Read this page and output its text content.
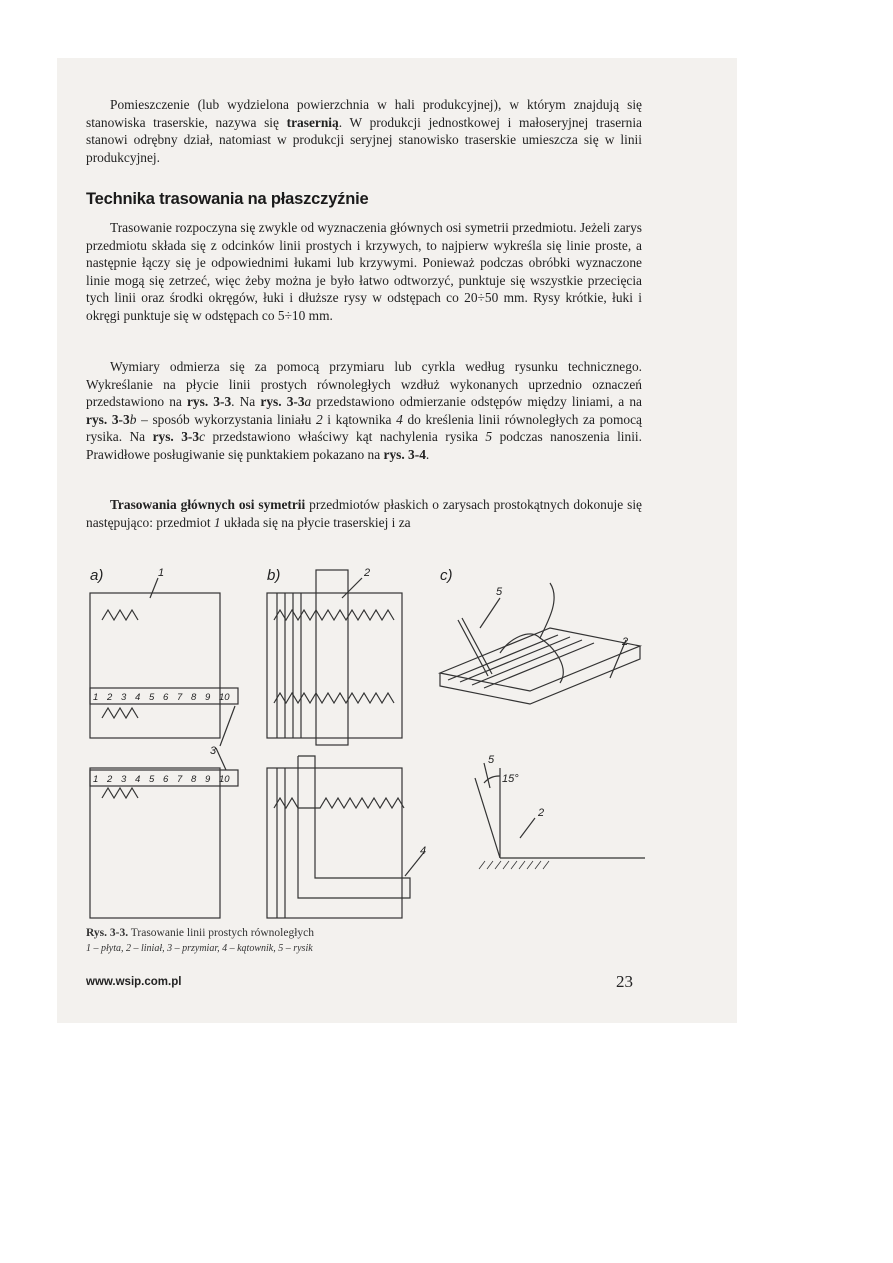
Pomieszczenie (lub wydzielona powierzchnia w hali produkcyjnej), w którym znajdują się stanowiska traserskie, nazywa się trasernią. W produkcji jednostkowej i małoseryjnej trasernia stanowi odrębny dział, natomiast w produkcji seryjnej stanowisko traserskie umieszcza się w linii produkcyjnej.

Technika trasowania na płaszczyźnie

Trasowanie rozpoczyna się zwykle od wyznaczenia głównych osi symetrii przedmiotu. Jeżeli zarys przedmiotu składa się z odcinków linii prostych i krzywych, to najpierw wykreśla się linie proste, a następnie łączy się je odpowiednimi łukami lub krzywymi. Ponieważ podczas obróbki wyznaczone linie mogą się zetrzeć, więc żeby można je było łatwo odtworzyć, punktuje się wszystkie przecięcia tych linii oraz środki okręgów, łuki i dłuższe rysy w odstępach co 20÷50 mm. Rysy krótkie, łuki i okręgi punktuje się w odstępach co 5÷10 mm.

Wymiary odmierza się za pomocą przymiaru lub cyrkla według rysunku technicznego. Wykreślanie na płycie linii prostych równoległych wzdłuż wykonanych uprzednio oznaczeń przedstawiono na rys. 3-3. Na rys. 3-3a przedstawiono odmierzanie odstępów między liniami, a na rys. 3-3b – sposób wykorzystania liniału 2 i kątownika 4 do kreślenia linii równoległych za pomocą rysika. Na rys. 3-3c przedstawiono właściwy kąt nachylenia rysika 5 podczas nanoszenia linii. Prawidłowe posługiwanie się punktakiem pokazano na rys. 3-4.

Trasowania głównych osi symetrii przedmiotów płaskich o zarysach prostokątnych dokonuje się następująco: przedmiot 1 układa się na płycie traserskiej i za

a)	b)	c)
1	2
3
4
5
2
5
15°
2
1 2 3 4 5 6 7 8 9 10
1 2 3 4 5 6 7 8 9 10
Rys. 3-3. Trasowanie linii prostych równoległych
1 – płyta, 2 – liniał, 3 – przymiar, 4 – kątownik, 5 – rysik
www.wsip.com.pl	23
